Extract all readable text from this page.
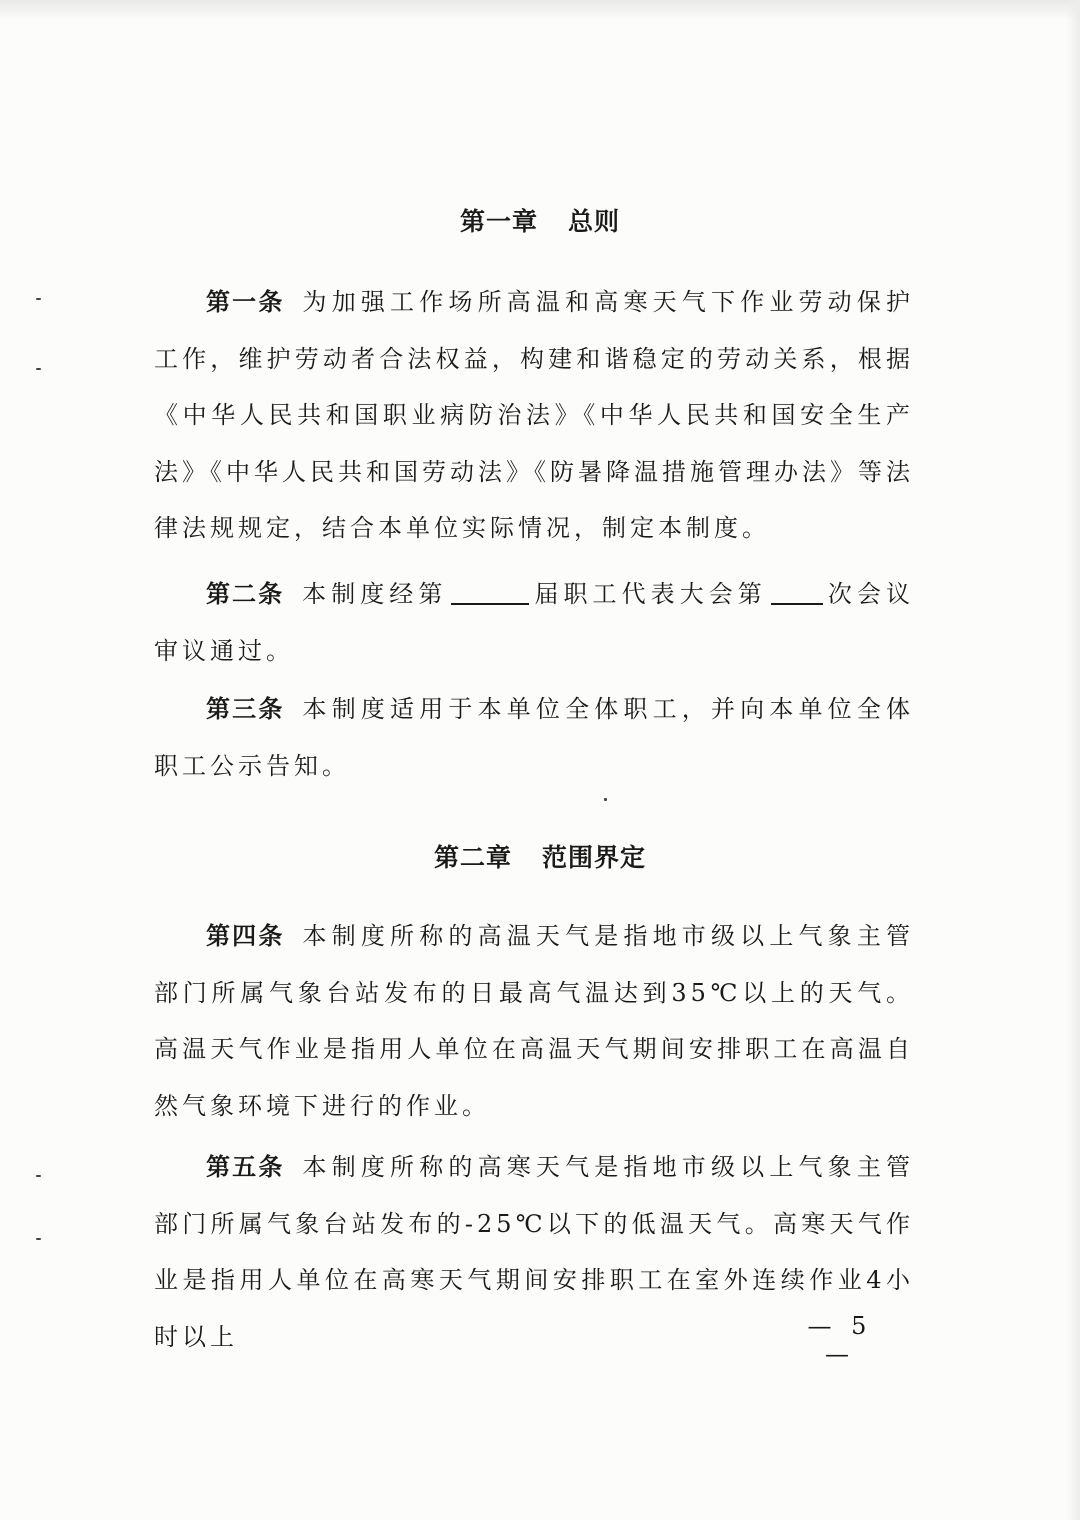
第一章 总则

第一条 为加强工作场所高温和高寒天气下作业劳动保护工作，维护劳动者合法权益，构建和谐稳定的劳动关系，根据《中华人民共和国职业病防治法》《中华人民共和国安全生产法》《中华人民共和国劳动法》《防暑降温措施管理办法》等法律法规规定，结合本单位实际情况，制定本制度。

第二条 本制度经第	届职工代表大会第	次会议审议通过。

第三条 本制度适用于本单位全体职工，并向本单位全体职工公示告知。

第二章 范围界定

第四条 本制度所称的高温天气是指地市级以上气象主管部门所属气象台站发布的日最高气温达到35℃以上的天气。高温天气作业是指用人单位在高温天气期间安排职工在高温自然气象环境下进行的作业。

第五条 本制度所称的高寒天气是指地市级以上气象主管部门所属气象台站发布的-25℃以下的低温天气。高寒天气作业是指用人单位在高寒天气期间安排职工在室外连续作业4小时以上	— 5 —
